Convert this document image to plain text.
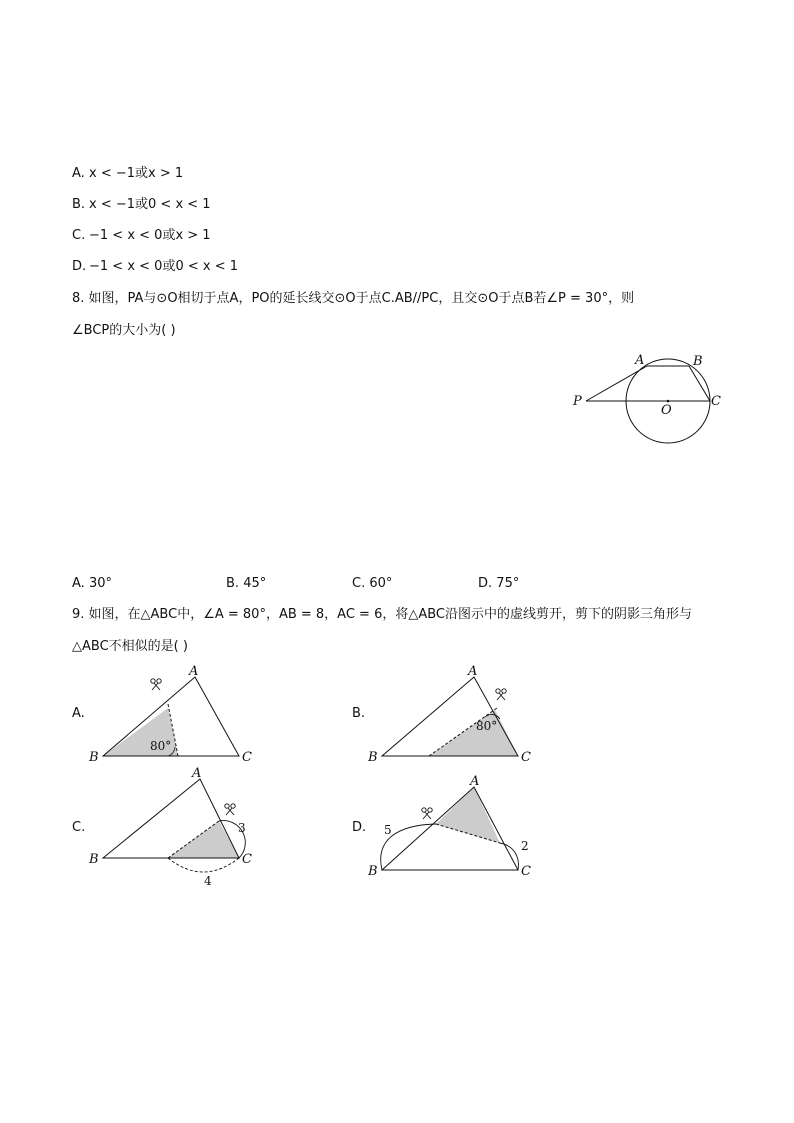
A. x < −1或x > 1
B. x < −1或0 < x < 1
C. −1 < x < 0或x > 1
D. −1 < x < 0或0 < x < 1
8. 如图，PA与⊙O相切于点A，PO的延长线交⊙O于点C.AB//PC，且交⊙O于点B若∠P = 30°，则
∠BCP的大小为( )
A	B
P
O
C
A. 30°	B. 45°	C. 60°	D. 75°
9. 如图，在△ABC中，∠A = 80°，AB = 8，AC = 6，将△ABC沿图示中的虚线剪开，剪下的阴影三角形与
△ABC不相似的是( )
A.
A
B	C
80°
B.
A
B	C
80°
C.
A
B	C
3
4
D.
A
B	C
5
2
